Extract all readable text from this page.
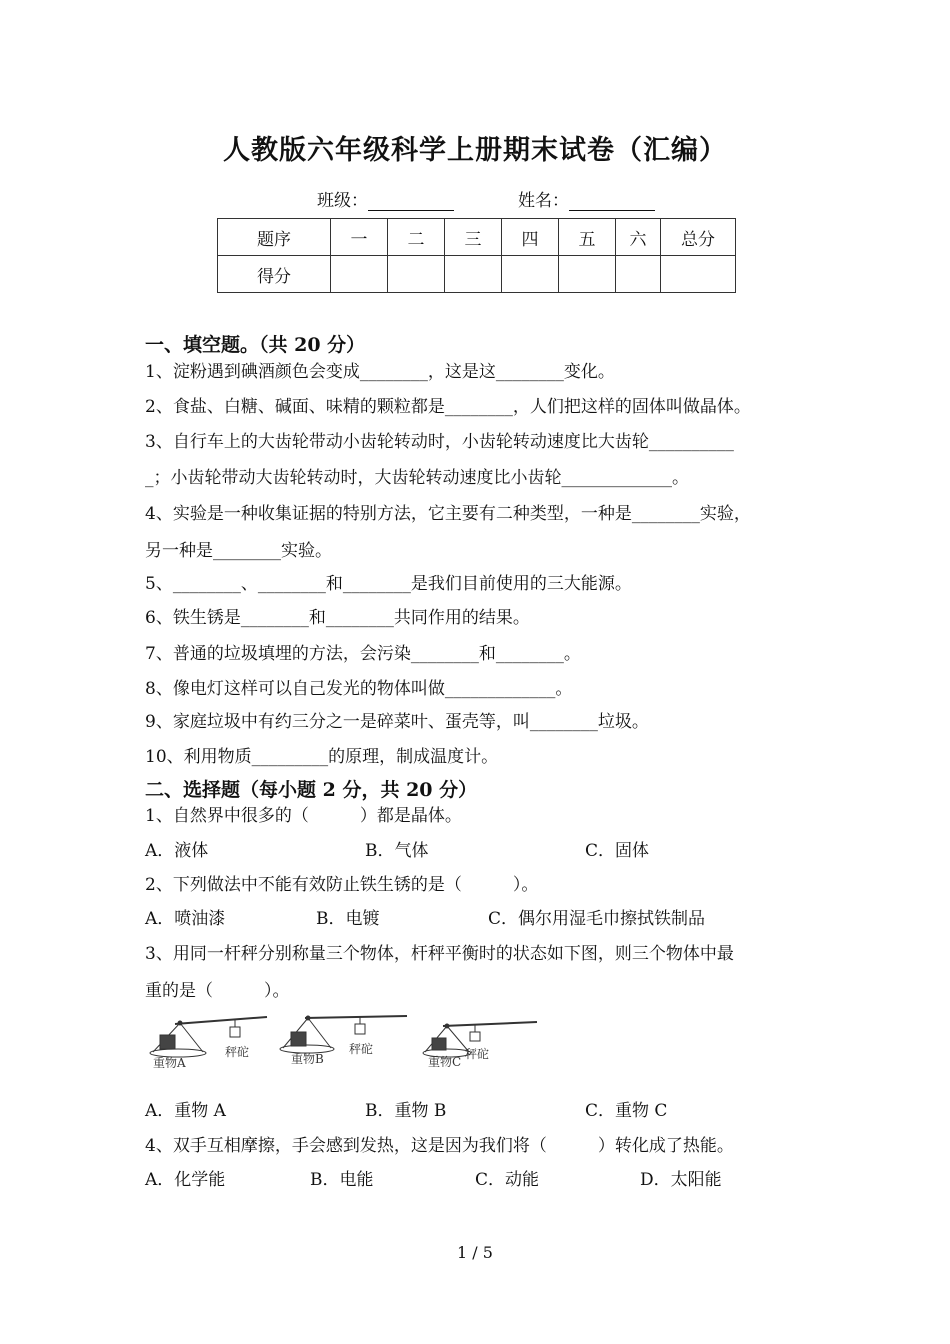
人教版六年级科学上册期末试卷（汇编）
班级：	姓名：
题序	一	二	三	四	五	六	总分
得分							
一、填空题。（共 20 分）
1、淀粉遇到碘酒颜色会变成________，这是这________变化。
2、食盐、白糖、碱面、味精的颗粒都是________，人们把这样的固体叫做晶体。
3、自行车上的大齿轮带动小齿轮转动时，小齿轮转动速度比大齿轮__________
_；小齿轮带动大齿轮转动时，大齿轮转动速度比小齿轮_____________。
4、实验是一种收集证据的特别方法，它主要有二种类型，一种是________实验，
另一种是________实验。
5、________、________和________是我们目前使用的三大能源。
6、铁生锈是________和________共同作用的结果。
7、普通的垃圾填埋的方法，会污染________和________。
8、像电灯这样可以自己发光的物体叫做_____________。
9、家庭垃圾中有约三分之一是碎菜叶、蛋壳等，叫________垃圾。
10、利用物质_________的原理，制成温度计。
二、选择题（每小题 2 分，共 20 分）
1、自然界中很多的（　　　）都是晶体。
A．液体	B．气体	C．固体
2、下列做法中不能有效防止铁生锈的是（　　　）。
A．喷油漆	B．电镀	C．偶尔用湿毛巾擦拭铁制品
3、用同一杆秤分别称量三个物体，杆秤平衡时的状态如下图，则三个物体中最
重的是（　　　）。
重物A
秤砣	重物B
秤砣
重物C
秤砣
A．重物 A	B．重物 B	C．重物 C
4、双手互相摩擦，手会感到发热，这是因为我们将（　　　）转化成了热能。
A．化学能	B．电能	C．动能	D．太阳能
1 / 5
